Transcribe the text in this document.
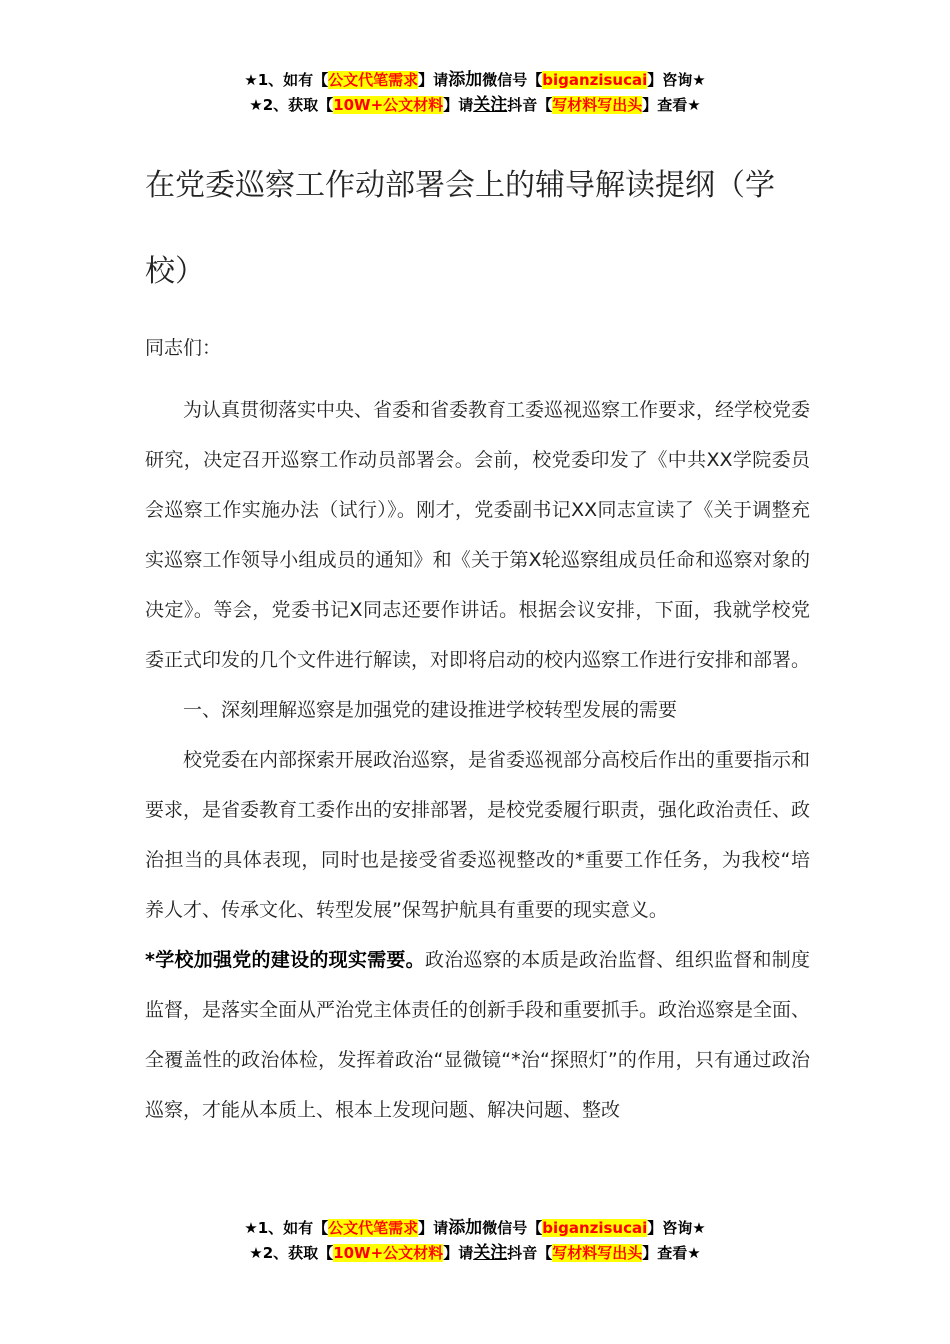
★1、如有【公文代笔需求】请添加微信号【biganzisucai】咨询★
★2、获取【10W+公文材料】请关注抖音【写材料写出头】查看★
在党委巡察工作动部署会上的辅导解读提纲（学校）
同志们：

为认真贯彻落实中央、省委和省委教育工委巡视巡察工作要求，经学校党委研究，决定召开巡察工作动员部署会。会前，校党委印发了《中共XX学院委员会巡察工作实施办法（试行）》。刚才，党委副书记XX同志宣读了《关于调整充实巡察工作领导小组成员的通知》和《关于第X轮巡察组成员任命和巡察对象的决定》。等会，党委书记X同志还要作讲话。根据会议安排，下面，我就学校党委正式印发的几个文件进行解读，对即将启动的校内巡察工作进行安排和部署。

一、深刻理解巡察是加强党的建设推进学校转型发展的需要

校党委在内部探索开展政治巡察，是省委巡视部分高校后作出的重要指示和要求，是省委教育工委作出的安排部署，是校党委履行职责，强化政治责任、政治担当的具体表现，同时也是接受省委巡视整改的*重要工作任务，为我校“培养人才、传承文化、转型发展”保驾护航具有重要的现实意义。

*学校加强党的建设的现实需要。政治巡察的本质是政治监督、组织监督和制度监督，是落实全面从严治党主体责任的创新手段和重要抓手。政治巡察是全面、全覆盖性的政治体检，发挥着政治“显微镜“*治“探照灯”的作用，只有通过政治巡察，才能从本质上、根本上发现问题、解决问题、整改

★1、如有【公文代笔需求】请添加微信号【biganzisucai】咨询★
★2、获取【10W+公文材料】请关注抖音【写材料写出头】查看★
